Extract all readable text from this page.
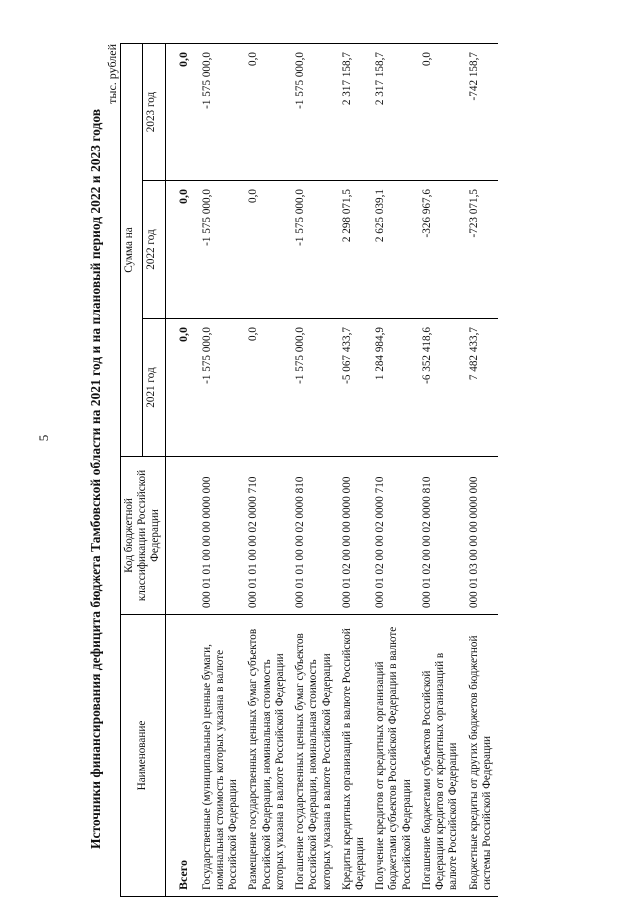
5	Источники финансирования дефицита бюджета Тамбовской области на 2021 год и на плановый период 2022 и 2023 годов
тыс. рублей
Наименование	Код бюджетной классификации Российской Федерации	Сумма на		
		2021 год	2022 год	2023 год
Всего		0,0	0,0	0,0
Государственные (муниципальные) ценные бумаги, номинальная стоимость которых указана в валюте Российской Федерации	000 01 01 00 00 00 0000 000	-1 575 000,0	-1 575 000,0	-1 575 000,0
Размещение государственных ценных бумаг субъектов Российской Федерации, номинальная стоимость которых указана в валюте Российской Федерации	000 01 01 00 00 02 0000 710	0,0	0,0	0,0
Погашение государственных ценных бумаг субъектов Российской Федерации, номинальная стоимость которых указана в валюте Российской Федерации	000 01 01 00 00 02 0000 810	-1 575 000,0	-1 575 000,0	-1 575 000,0
Кредиты кредитных организаций в валюте Российской Федерации	000 01 02 00 00 00 0000 000	-5 067 433,7	2 298 071,5	2 317 158,7
Получение кредитов от кредитных организаций бюджетами субъектов Российской Федерации в валюте Российской Федерации	000 01 02 00 00 02 0000 710	1 284 984,9	2 625 039,1	2 317 158,7
Погашение бюджетами субъектов Российской Федерации кредитов от кредитных организаций в валюте Российской Федерации	000 01 02 00 00 02 0000 810	-6 352 418,6	-326 967,6	0,0
Бюджетные кредиты от других бюджетов бюджетной системы Российской Федерации	000 01 03 00 00 00 0000 000	7 482 433,7	-723 071,5	-742 158,7
